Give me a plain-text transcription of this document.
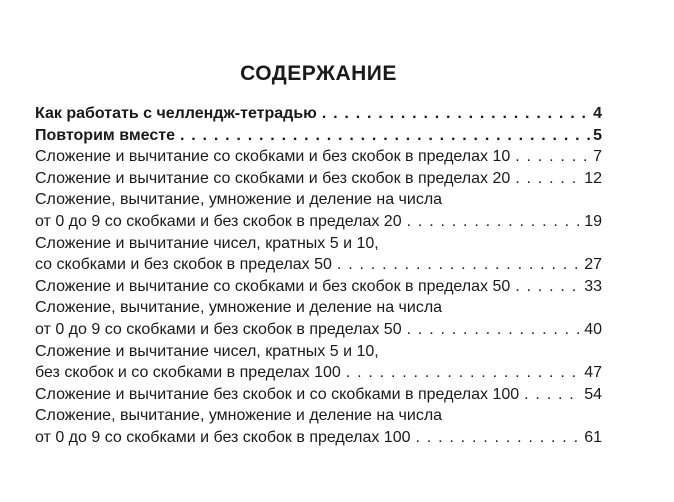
СОДЕРЖАНИЕ
Как работать с челлендж-тетрадью . . .	4
Повторим вместе . . .	5
Сложение и вычитание со скобками и без скобок в пределах 10 . . .	7
Сложение и вычитание со скобками и без скобок в пределах 20 . . .	12
Сложение, вычитание, умножение и деление на числа
от 0 до 9 со скобками и без скобок в пределах 20 . . .	19
Сложение и вычитание чисел, кратных 5 и 10,
со скобками и без скобок в пределах 50 . . .	27
Сложение и вычитание со скобками и без скобок в пределах 50 . . .	33
Сложение, вычитание, умножение и деление на числа
от 0 до 9 со скобками и без скобок в пределах 50 . . .	40
Сложение и вычитание чисел, кратных 5 и 10,
без скобок и со скобками в пределах 100 . . .	47
Сложение и вычитание без скобок и со скобками в пределах 100 . . .	54
Сложение, вычитание, умножение и деление на числа
от 0 до 9 со скобками и без скобок в пределах 100 . . .	61
